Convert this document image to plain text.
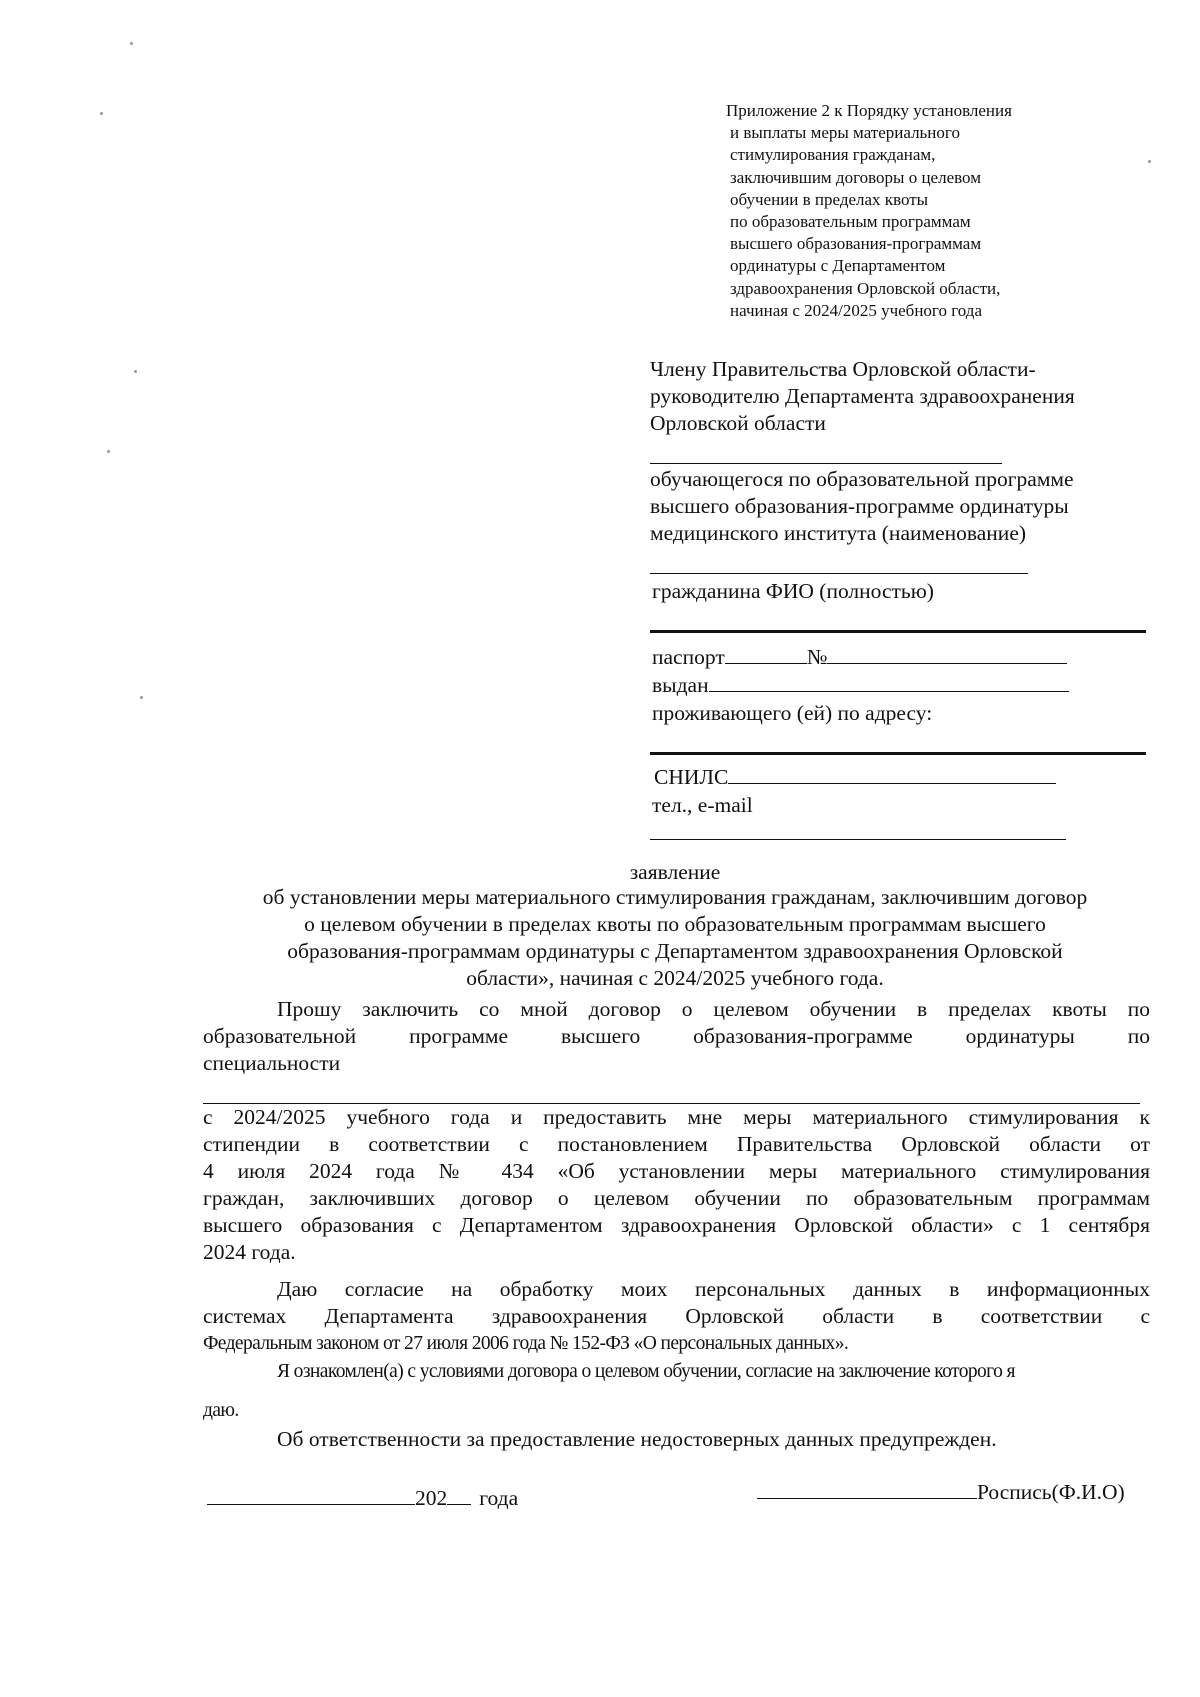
Приложение 2 к Порядку установления
и выплаты меры материального
стимулирования гражданам,
заключившим договоры о целевом
обучении в пределах квоты
по образовательным программам
высшего образования-программам
ординатуры с Департаментом
здравоохранения Орловской области,
начиная с 2024/2025 учебного года
Члену Правительства Орловской области-
руководителю Департамента здравоохранения
Орловской области
обучающегося по образовательной программе
высшего образования-программе ординатуры
медицинского института (наименование)
гражданина ФИО (полностью)
паспорт	№
выдан
проживающего (ей) по адресу:
СНИЛС
тел., e-mail
заявление
об установлении меры материального стимулирования гражданам, заключившим договор
о целевом обучении в пределах квоты по образовательным программам высшего
образования-программам ординатуры с Департаментом здравоохранения Орловской
области», начиная с 2024/2025 учебного года.
Прошу заключить со мной договор о целевом обучении в пределах квоты по
образовательной программе высшего образования-программе ординатуры по
специальности
с 2024/2025 учебного года и предоставить мне меры материального стимулирования к
стипендии в соответствии с постановлением Правительства Орловской области от
4 июля 2024 года № 434 «Об установлении меры материального стимулирования
граждан, заключивших договор о целевом обучении по образовательным программам
высшего образования с Департаментом здравоохранения Орловской области» с 1 сентября
2024 года.
Даю согласие на обработку моих персональных данных в информационных
системах Департамента здравоохранения Орловской области в соответствии с
Федеральным законом от 27 июля 2006 года № 152-ФЗ «О персональных данных».
Я ознакомлен(а) с условиями договора о целевом обучении, согласие на заключение которого я
даю.
Об ответственности за предоставление недостоверных данных предупрежден.
202 года	Роспись(Ф.И.О)
